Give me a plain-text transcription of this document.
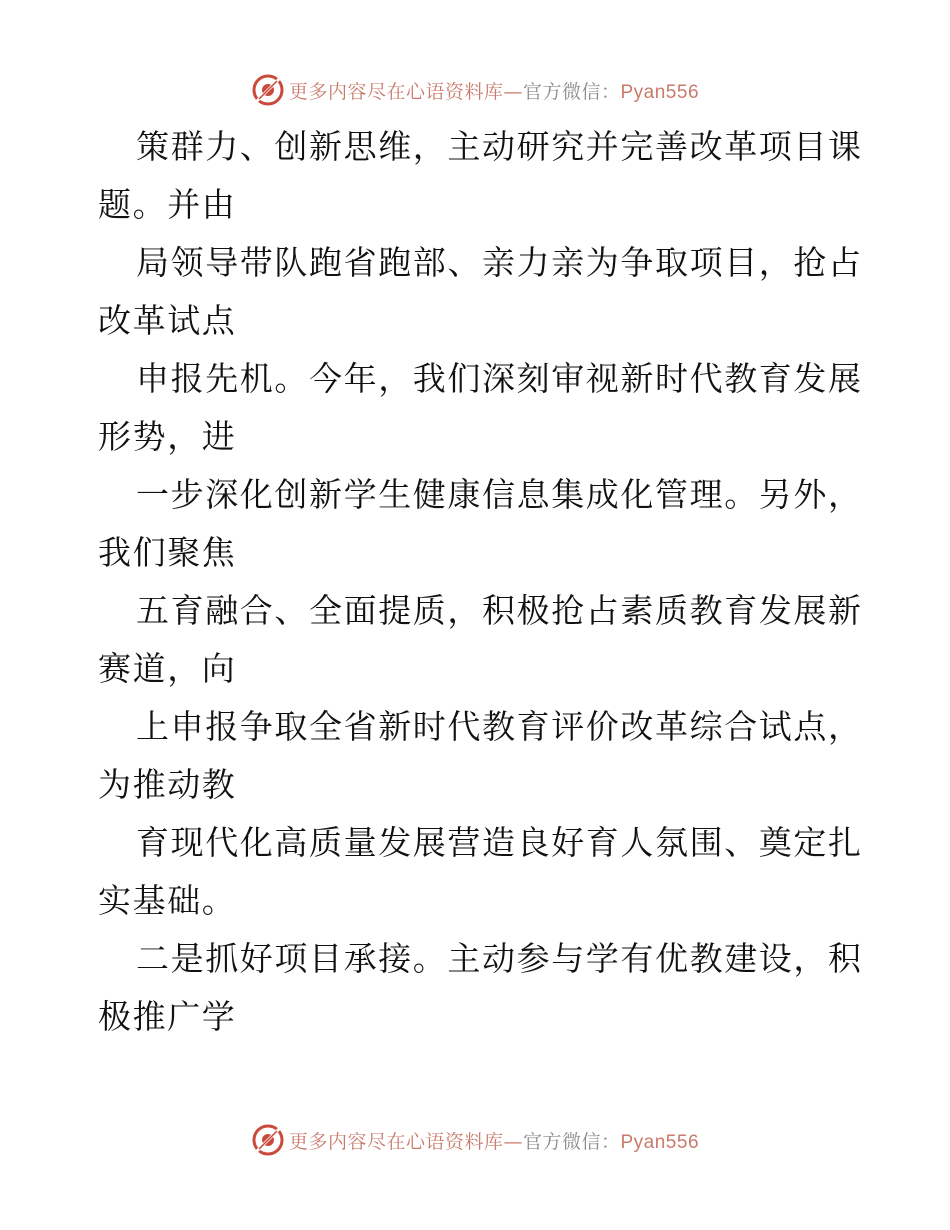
更多内容尽在心语资料库—官方微信：Pyan556
策群力、创新思维，主动研究并完善改革项目课
题。并由
局领导带队跑省跑部、亲力亲为争取项目，抢占
改革试点
申报先机。今年，我们深刻审视新时代教育发展
形势，进
一步深化创新学生健康信息集成化管理。另外，
我们聚焦
五育融合、全面提质，积极抢占素质教育发展新
赛道，向
上申报争取全省新时代教育评价改革综合试点，
为推动教
育现代化高质量发展营造良好育人氛围、奠定扎
实基础。
二是抓好项目承接。主动参与学有优教建设，积
极推广学
更多内容尽在心语资料库—官方微信：Pyan556
